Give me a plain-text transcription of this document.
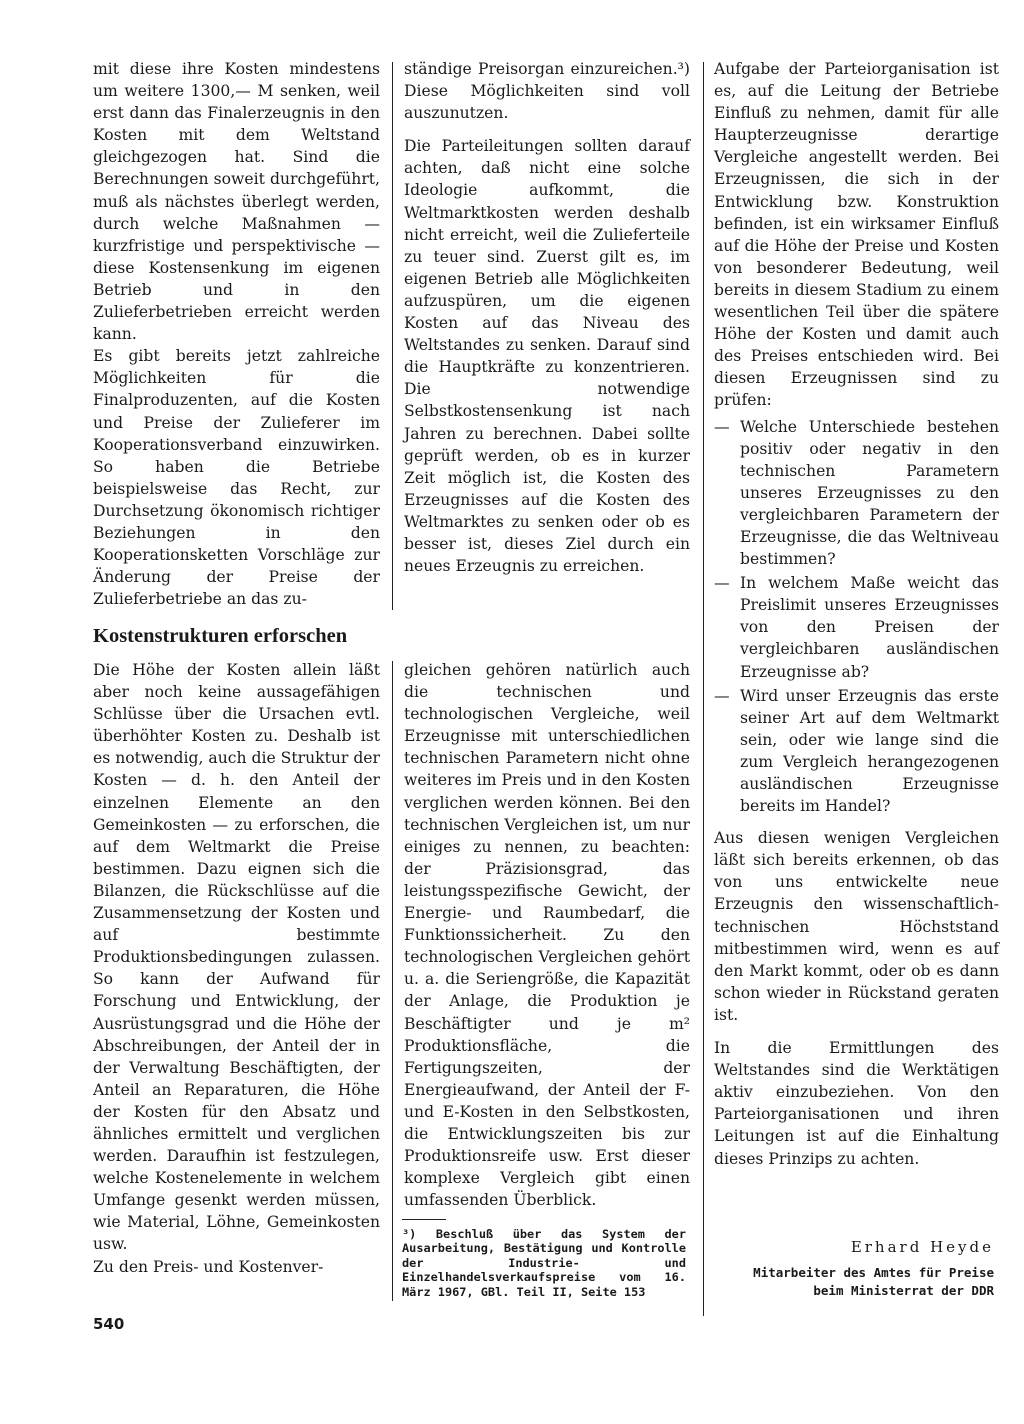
mit diese ihre Kosten mindestens um weitere 1300,— M senken, weil erst dann das Finalerzeugnis in den Kosten mit dem Weltstand gleichgezogen hat. Sind die Berechnungen soweit durchgeführt, muß als nächstes überlegt werden, durch welche Maßnahmen — kurzfristige und perspektivische — diese Kostensenkung im eigenen Betrieb und in den Zulieferbetrieben erreicht werden kann.

Es gibt bereits jetzt zahlreiche Möglichkeiten für die Finalproduzenten, auf die Kosten und Preise der Zulieferer im Kooperationsverband einzuwirken. So haben die Betriebe beispielsweise das Recht, zur Durchsetzung ökonomisch richtiger Beziehungen in den Kooperationsketten Vorschläge zur Änderung der Preise der Zulieferbetriebe an das zu-

ständige Preisorgan einzureichen.³) Diese Möglichkeiten sind voll auszunutzen.

Die Parteileitungen sollten darauf achten, daß nicht eine solche Ideologie aufkommt, die Weltmarktkosten werden deshalb nicht erreicht, weil die Zulieferteile zu teuer sind. Zuerst gilt es, im eigenen Betrieb alle Möglichkeiten aufzuspüren, um die eigenen Kosten auf das Niveau des Weltstandes zu senken. Darauf sind die Hauptkräfte zu konzentrieren. Die notwendige Selbstkostensenkung ist nach Jahren zu berechnen. Dabei sollte geprüft werden, ob es in kurzer Zeit möglich ist, die Kosten des Erzeugnisses auf die Kosten des Weltmarktes zu senken oder ob es besser ist, dieses Ziel durch ein neues Erzeugnis zu erreichen.

Kostenstrukturen erforschen

Die Höhe der Kosten allein läßt aber noch keine aussagefähigen Schlüsse über die Ursachen evtl. überhöhter Kosten zu. Deshalb ist es notwendig, auch die Struktur der Kosten — d. h. den Anteil der einzelnen Elemente an den Gemeinkosten — zu erforschen, die auf dem Weltmarkt die Preise bestimmen. Dazu eignen sich die Bilanzen, die Rückschlüsse auf die Zusammensetzung der Kosten und auf bestimmte Produktionsbedingungen zulassen. So kann der Aufwand für Forschung und Entwicklung, der Ausrüstungsgrad und die Höhe der Abschreibungen, der Anteil der in der Verwaltung Beschäftigten, der Anteil an Reparaturen, die Höhe der Kosten für den Absatz und ähnliches ermittelt und verglichen werden. Daraufhin ist festzulegen, welche Kostenelemente in welchem Umfange gesenkt werden müssen, wie Material, Löhne, Gemeinkosten usw.

Zu den Preis- und Kostenver-

gleichen gehören natürlich auch die technischen und technologischen Vergleiche, weil Erzeugnisse mit unterschiedlichen technischen Parametern nicht ohne weiteres im Preis und in den Kosten verglichen werden können. Bei den technischen Vergleichen ist, um nur einiges zu nennen, zu beachten: der Präzisionsgrad, das leistungsspezifische Gewicht, der Energie- und Raumbedarf, die Funktionssicherheit. Zu den technologischen Vergleichen gehört u. a. die Seriengröße, die Kapazität der Anlage, die Produktion je Beschäftigter und je m² Produktionsfläche, die Fertigungszeiten, der Energieaufwand, der Anteil der F- und E-Kosten in den Selbstkosten, die Entwicklungszeiten bis zur Produktionsreife usw. Erst dieser komplexe Vergleich gibt einen umfassenden Überblick.

³) Beschluß über das System der Ausarbeitung, Bestätigung und Kontrolle der Industrie- und Einzelhandelsverkaufspreise vom 16. März 1967, GBl. Teil II, Seite 153

Aufgabe der Parteiorganisation ist es, auf die Leitung der Betriebe Einfluß zu nehmen, damit für alle Haupterzeugnisse derartige Vergleiche angestellt werden. Bei Erzeugnissen, die sich in der Entwicklung bzw. Konstruktion befinden, ist ein wirksamer Einfluß auf die Höhe der Preise und Kosten von besonderer Bedeutung, weil bereits in diesem Stadium zu einem wesentlichen Teil über die spätere Höhe der Kosten und damit auch des Preises entschieden wird. Bei diesen Erzeugnissen sind zu prüfen:

— Welche Unterschiede bestehen positiv oder negativ in den technischen Parametern unseres Erzeugnisses zu den vergleichbaren Parametern der Erzeugnisse, die das Weltniveau bestimmen?
— In welchem Maße weicht das Preislimit unseres Erzeugnisses von den Preisen der vergleichbaren ausländischen Erzeugnisse ab?
— Wird unser Erzeugnis das erste seiner Art auf dem Weltmarkt sein, oder wie lange sind die zum Vergleich herangezogenen ausländischen Erzeugnisse bereits im Handel?

Aus diesen wenigen Vergleichen läßt sich bereits erkennen, ob das von uns entwickelte neue Erzeugnis den wissenschaftlich-technischen Höchststand mitbestimmen wird, wenn es auf den Markt kommt, oder ob es dann schon wieder in Rückstand geraten ist.

In die Ermittlungen des Weltstandes sind die Werktätigen aktiv einzubeziehen. Von den Parteiorganisationen und ihren Leitungen ist auf die Einhaltung dieses Prinzips zu achten.

Erhard Heyde
Mitarbeiter des Amtes für Preise
beim Ministerrat der DDR
540
